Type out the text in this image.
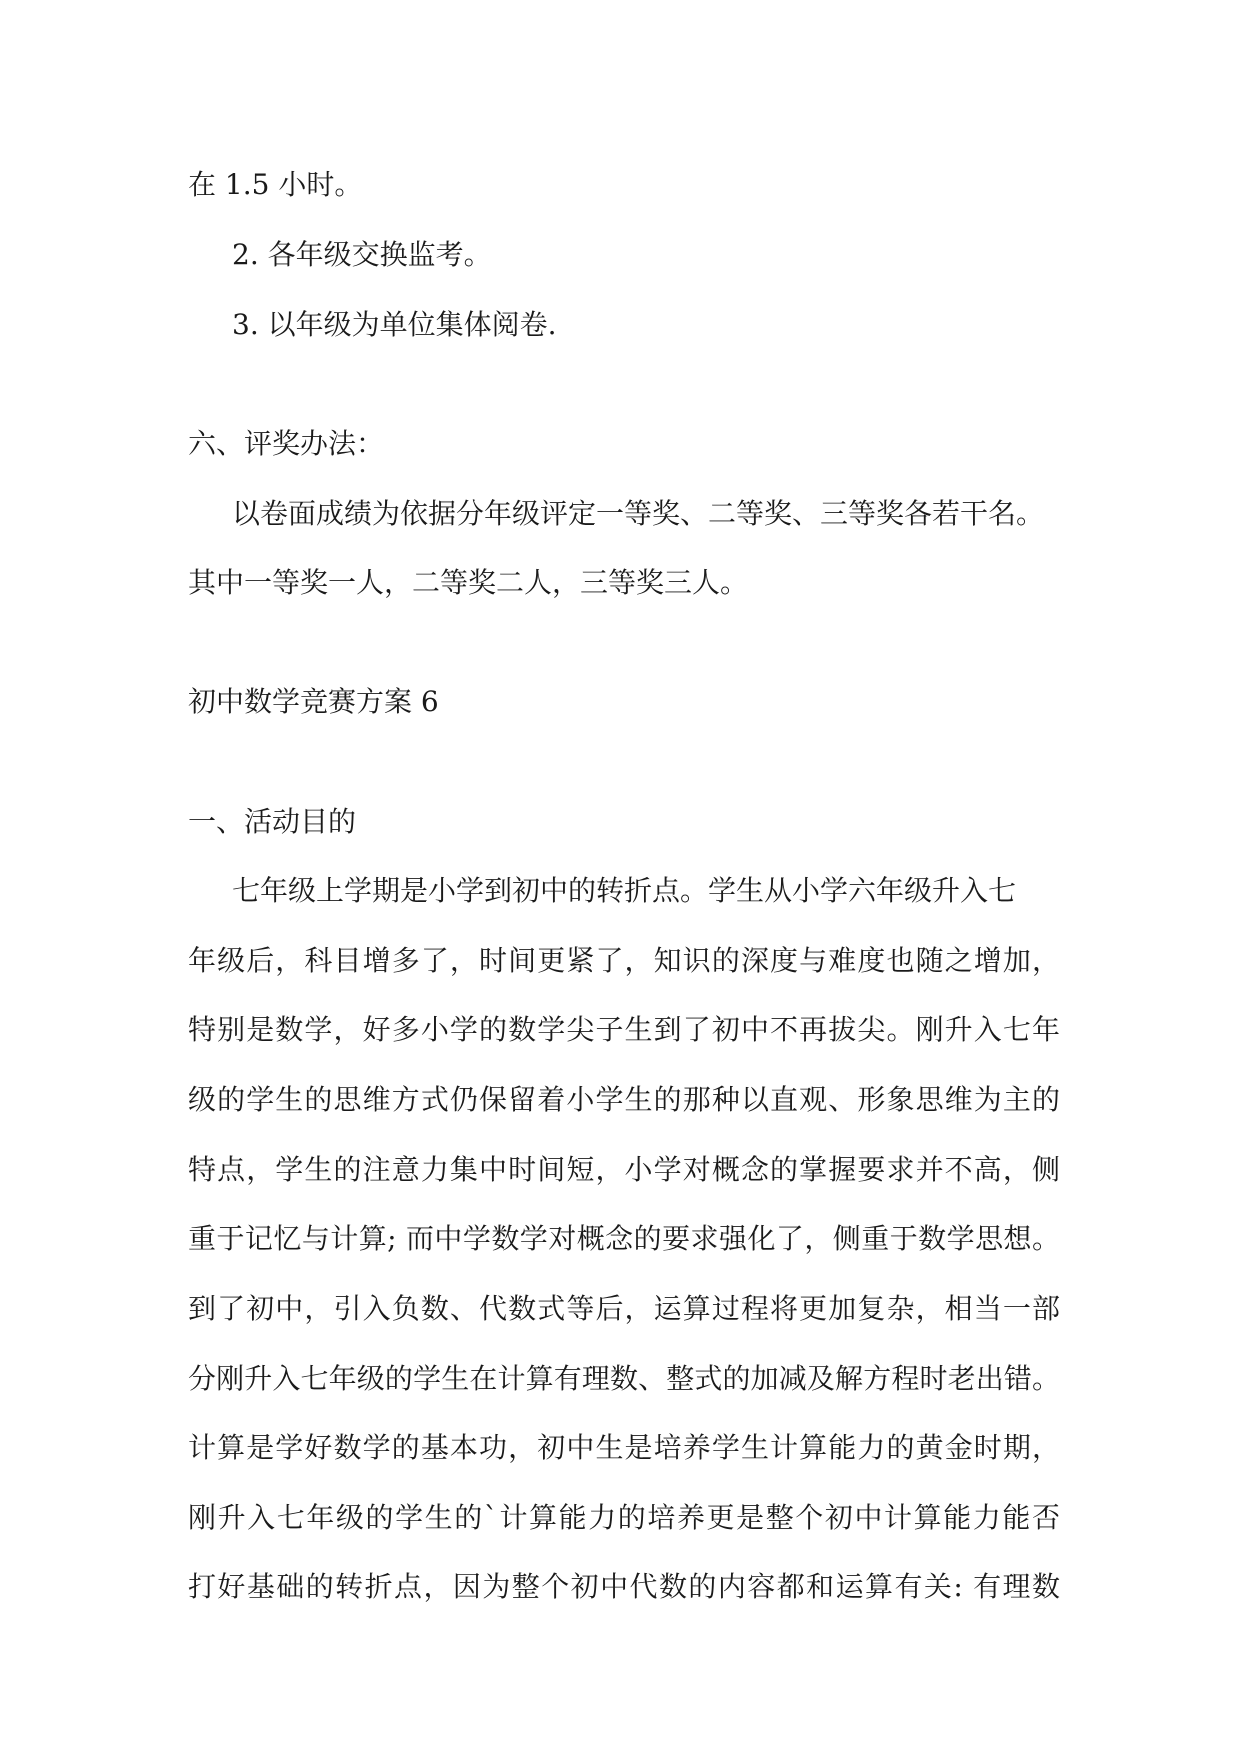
在 1.5 小时。
2. 各年级交换监考。
3. 以年级为单位集体阅卷.
六、评奖办法：
以卷面成绩为依据分年级评定一等奖、二等奖、三等奖各若干名。
其中一等奖一人，二等奖二人，三等奖三人。
初中数学竞赛方案 6
一、活动目的
七年级上学期是小学到初中的转折点。学生从小学六年级升入七
年级后，科目增多了，时间更紧了，知识的深度与难度也随之增加，
特别是数学，好多小学的数学尖子生到了初中不再拔尖。刚升入七年
级的学生的思维方式仍保留着小学生的那种以直观、形象思维为主的
特点，学生的注意力集中时间短，小学对概念的掌握要求并不高，侧
重于记忆与计算; 而中学数学对概念的要求强化了，侧重于数学思想。
到了初中，引入负数、代数式等后，运算过程将更加复杂，相当一部
分刚升入七年级的学生在计算有理数、整式的加减及解方程时老出错。
计算是学好数学的基本功，初中生是培养学生计算能力的黄金时期，
刚升入七年级的学生的`计算能力的培养更是整个初中计算能力能否
打好基础的转折点，因为整个初中代数的内容都和运算有关: 有理数
